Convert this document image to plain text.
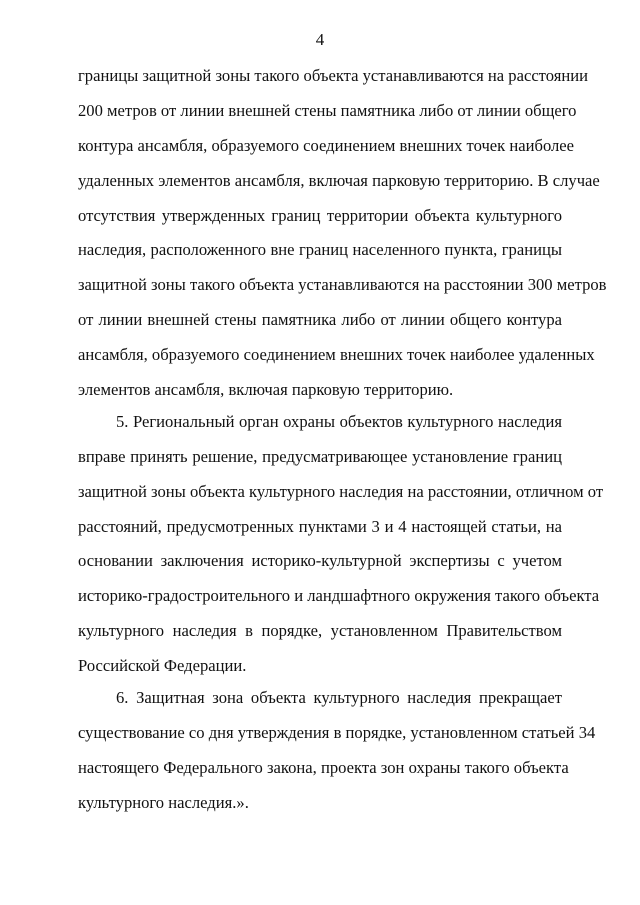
4
границы защитной зоны такого объекта устанавливаются на расстоянии
200 метров от линии внешней стены памятника либо от линии общего
контура ансамбля, образуемого соединением внешних точек наиболее
удаленных элементов ансамбля, включая парковую территорию. В случае
отсутствия утвержденных границ территории объекта культурного
наследия, расположенного вне границ населенного пункта, границы
защитной зоны такого объекта устанавливаются на расстоянии 300 метров
от линии внешней стены памятника либо от линии общего контура
ансамбля, образуемого соединением внешних точек наиболее удаленных
элементов ансамбля, включая парковую территорию.
5. Региональный орган охраны объектов культурного наследия
вправе принять решение, предусматривающее установление границ
защитной зоны объекта культурного наследия на расстоянии, отличном от
расстояний, предусмотренных пунктами 3 и 4 настоящей статьи, на
основании заключения историко-культурной экспертизы с учетом
историко-градостроительного и ландшафтного окружения такого объекта
культурного наследия в порядке, установленном Правительством
Российской Федерации.
6. Защитная зона объекта культурного наследия прекращает
существование со дня утверждения в порядке, установленном статьей 34
настоящего Федерального закона, проекта зон охраны такого объекта
культурного наследия.».
